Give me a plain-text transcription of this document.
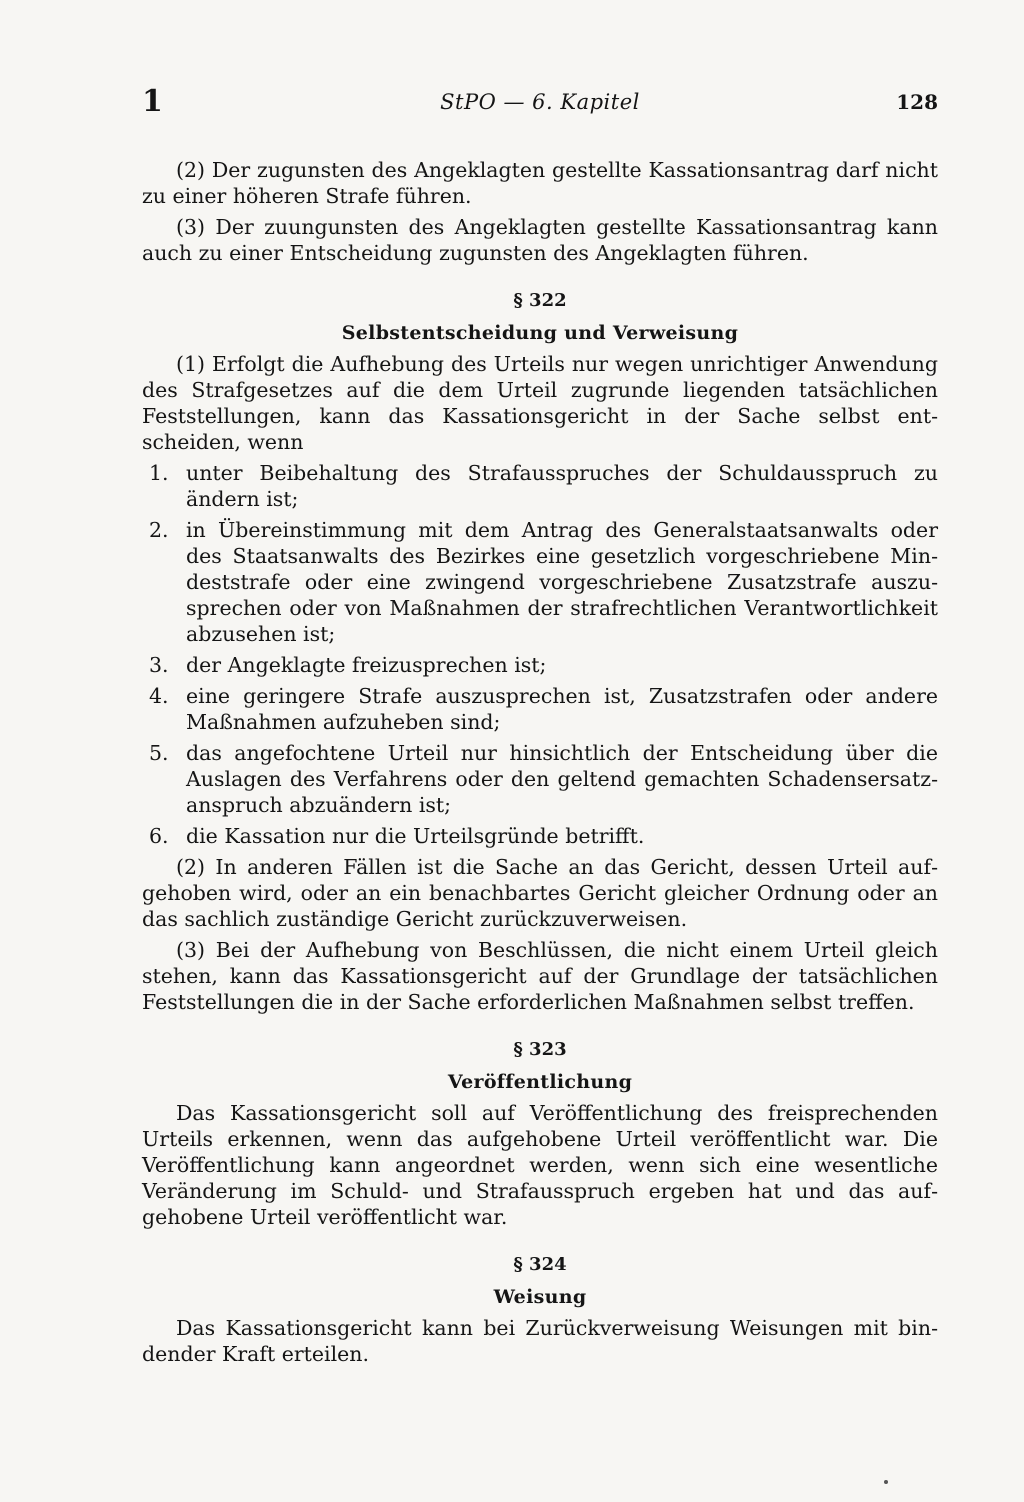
1	StPO — 6. Kapitel	128

(2) Der zugunsten des Angeklagten gestellte Kassationsantrag darf nicht zu einer höheren Strafe führen.

(3) Der zuungunsten des Angeklagten gestellte Kassationsantrag kann auch zu einer Entscheidung zugunsten des Angeklagten führen.

§ 322
Selbstentscheidung und Verweisung

(1) Erfolgt die Aufhebung des Urteils nur wegen unrichtiger Anwendung des Strafgesetzes auf die dem Urteil zugrunde liegenden tatsächlichen Feststellungen, kann das Kassationsgericht in der Sache selbst entscheiden, wenn

1. unter Beibehaltung des Strafausspruches der Schuldausspruch zu ändern ist;
2. in Übereinstimmung mit dem Antrag des Generalstaatsanwalts oder des Staatsanwalts des Bezirkes eine gesetzlich vorgeschriebene Mindeststrafe oder eine zwingend vorgeschriebene Zusatzstrafe auszusprechen oder von Maßnahmen der strafrechtlichen Verantwortlichkeit abzusehen ist;
3. der Angeklagte freizusprechen ist;
4. eine geringere Strafe auszusprechen ist, Zusatzstrafen oder andere Maßnahmen aufzuheben sind;
5. das angefochtene Urteil nur hinsichtlich der Entscheidung über die Auslagen des Verfahrens oder den geltend gemachten Schadensersatzanspruch abzuändern ist;
6. die Kassation nur die Urteilsgründe betrifft.

(2) In anderen Fällen ist die Sache an das Gericht, dessen Urteil aufgehoben wird, oder an ein benachbartes Gericht gleicher Ordnung oder an das sachlich zuständige Gericht zurückzuverweisen.

(3) Bei der Aufhebung von Beschlüssen, die nicht einem Urteil gleich stehen, kann das Kassationsgericht auf der Grundlage der tatsächlichen Feststellungen die in der Sache erforderlichen Maßnahmen selbst treffen.

§ 323
Veröffentlichung

Das Kassationsgericht soll auf Veröffentlichung des freisprechenden Urteils erkennen, wenn das aufgehobene Urteil veröffentlicht war. Die Veröffentlichung kann angeordnet werden, wenn sich eine wesentliche Veränderung im Schuld- und Strafausspruch ergeben hat und das aufgehobene Urteil veröffentlicht war.

§ 324
Weisung

Das Kassationsgericht kann bei Zurückverweisung Weisungen mit bindender Kraft erteilen.
